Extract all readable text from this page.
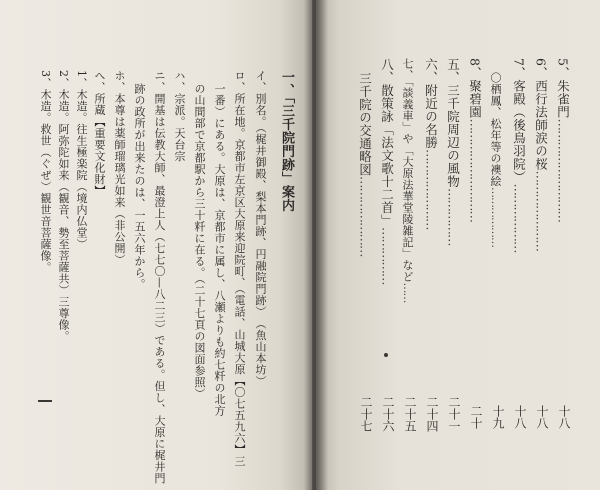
5、朱雀門………………………
十八
6、西行法師涙の桜…………………
十八
7、客殿（後鳥羽院）………………
十八
〇栖鳳、松年等の襖絵………………
十九
8、聚碧園………………………
二十
五、三千院周辺の風物……………
二十一
六、附近の名勝…………………
二十四
七、「談義車」や「大原法華堂陵雑記」など……
二十五
八、散策詠「法文歌十二首」……………
二十六
三千院の交通略図…………………
二十七
一、「三千院門跡」案内
イ、別名。（梶井御殿、梨本門跡、円融院門跡）　（魚山本坊）
ロ、所在地。京都市左京区大原来迎院町、（電話、山城大原【〇七五九六】三
一番）にある。大原は、京都市に属し、八瀬よりも約七粁の北方
の山間部で京都駅から三十粁に在る。（二十七頁の図面参照）
ハ、宗派。天台宗
ニ、開基は伝教大師、最澄上人（七七〇—八二三）である。但し、大原に梶井門
跡の政所が出来たのは、一五六年から。
ホ、本尊は薬師瑠璃光如来（非公開）
へ、所蔵【重要文化財】
1、木造。往生極楽院（境内仏堂）
2、木造。阿弥陀如来（観音、勢至菩薩共）三尊像。
3、木造。救世（ぐぜ）観世音菩薩像。
